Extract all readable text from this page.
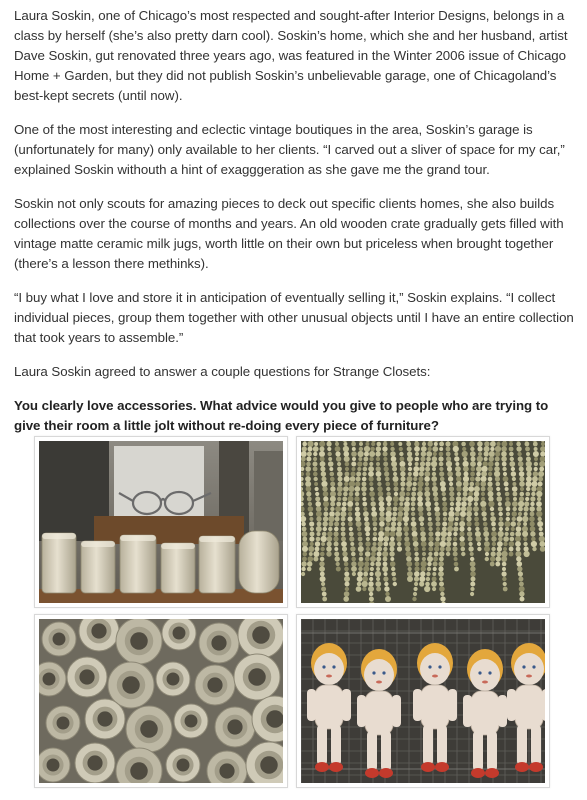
Laura Soskin, one of Chicago’s most respected and sought-after Interior Designs, belongs in a class by herself (she’s also pretty darn cool). Soskin’s home, which she and her husband, artist Dave Soskin, gut renovated three years ago, was featured in the Winter 2006 issue of Chicago Home + Garden, but they did not publish Soskin’s unbelievable garage, one of Chicagoland’s best-kept secrets (until now).

One of the most interesting and eclectic vintage boutiques in the area, Soskin’s garage is (unfortunately for many) only available to her clients. “I carved out a sliver of space for my car,” explained Soskin withouth a hint of exagggeration as she gave me the grand tour.

Soskin not only scouts for amazing pieces to deck out specific clients homes, she also builds collections over the course of months and years. An old wooden crate gradually gets filled with vintage matte ceramic milk jugs, worth little on their own but priceless when brought together (there’s a lesson there methinks).

“I buy what I love and store it in anticipation of eventually selling it,” Soskin explains. “I collect individual pieces, group them together with other unusual objects until I have an entire collection that took years to assemble.”

Laura Soskin agreed to answer a couple questions for Strange Closets:

You clearly love accessories. What advice would you give to people who are trying to give their room a little jolt without re-doing every piece of furniture?
